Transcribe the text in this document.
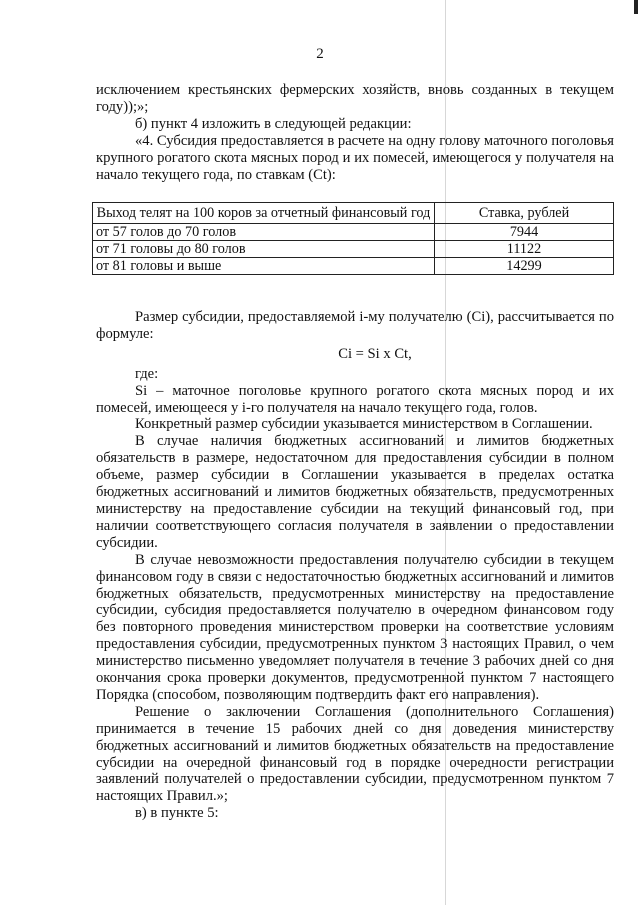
2

исключением крестьянских фермерских хозяйств, вновь созданных в текущем году));»;

б) пункт 4 изложить в следующей редакции:

«4. Субсидия предоставляется в расчете на одну голову маточного поголовья крупного рогатого скота мясных пород и их помесей, имеющегося у получателя на начало текущего года, по ставкам (Ct):

Выход телят на 100 коров за отчетный финансовый год	Ставка, рублей
от 57 голов до 70 голов	7944
от 71 головы до 80 голов	11122
от 81 головы и выше	14299

Размер субсидии, предоставляемой i-му получателю (Ci), рассчитывается по формуле:

Ci = Si x Ct,

где:

Si – маточное поголовье крупного рогатого скота мясных пород и их помесей, имеющееся у i-го получателя на начало текущего года, голов.

Конкретный размер субсидии указывается министерством в Соглашении.

В случае наличия бюджетных ассигнований и лимитов бюджетных обязательств в размере, недостаточном для предоставления субсидии в полном объеме, размер субсидии в Соглашении указывается в пределах остатка бюджетных ассигнований и лимитов бюджетных обязательств, предусмотренных министерству на предоставление субсидии на текущий финансовый год, при наличии соответствующего согласия получателя в заявлении о предоставлении субсидии.

В случае невозможности предоставления получателю субсидии в текущем финансовом году в связи с недостаточностью бюджетных ассигнований и лимитов бюджетных обязательств, предусмотренных министерству на предоставление субсидии, субсидия предоставляется получателю в очередном финансовом году без повторного проведения министерством проверки на соответствие условиям предоставления субсидии, предусмотренных пунктом 3 настоящих Правил, о чем министерство письменно уведомляет получателя в течение 3 рабочих дней со дня окончания срока проверки документов, предусмотренной пунктом 7 настоящего Порядка (способом, позволяющим подтвердить факт его направления).

Решение о заключении Соглашения (дополнительного Соглашения) принимается в течение 15 рабочих дней со дня доведения министерству бюджетных ассигнований и лимитов бюджетных обязательств на предоставление субсидии на очередной финансовый год в порядке очередности регистрации заявлений получателей о предоставлении субсидии, предусмотренном пунктом 7 настоящих Правил.»;

в) в пункте 5:
